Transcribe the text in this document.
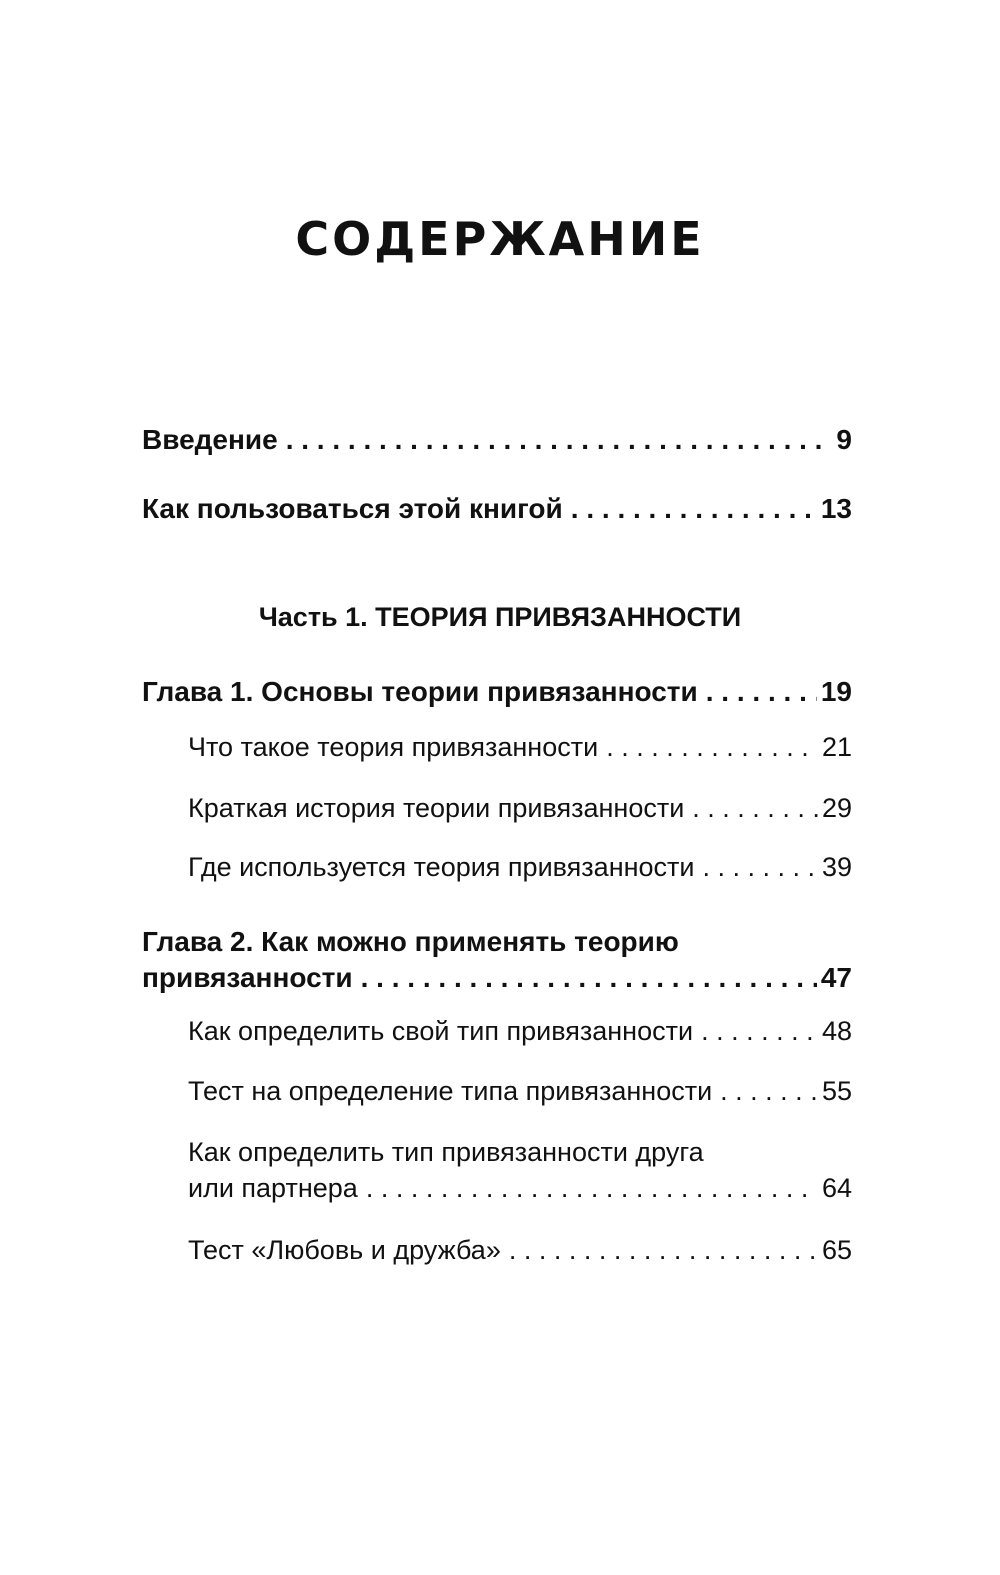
СОДЕРЖАНИЕ
Введение . . .	9
Как пользоваться этой книгой . . .	13
Часть 1. ТЕОРИЯ ПРИВЯЗАННОСТИ
Глава 1. Основы теории привязанности . . .	19
Что такое теория привязанности . . .	21
Краткая история теории привязанности . . .	29
Где используется теория привязанности . . .	39
Глава 2. Как можно применять теорию
привязанности . . .	47
Как определить свой тип привязанности . . .	48
Тест на определение типа привязанности . . .	55
Как определить тип привязанности друга
или партнера . . .	64
Тест «Любовь и дружба» . . .	65
